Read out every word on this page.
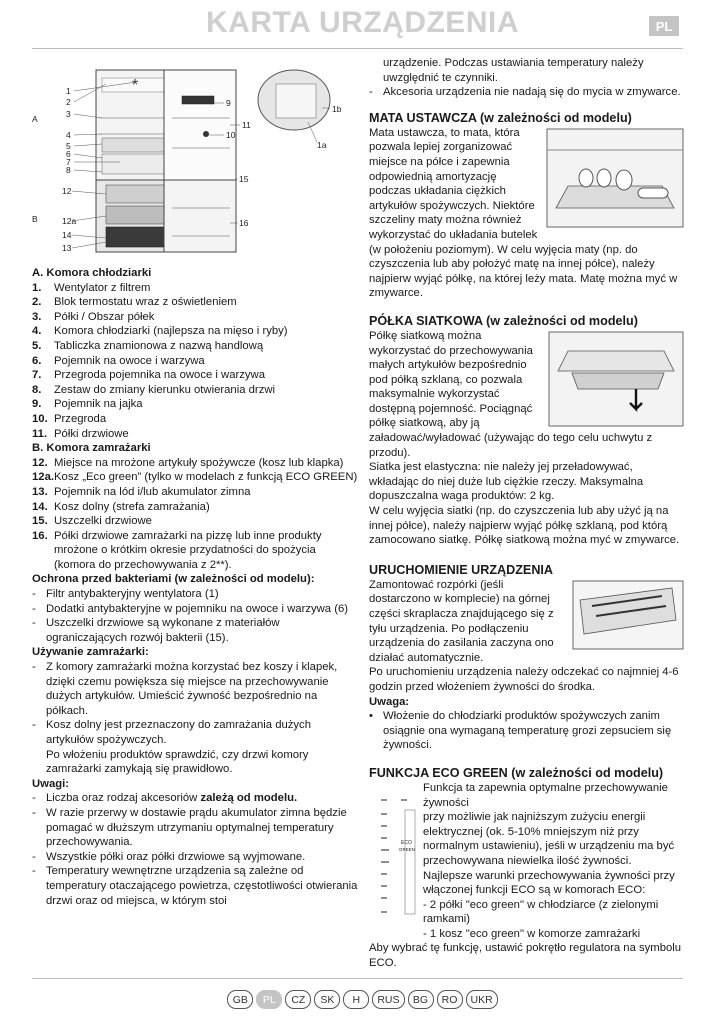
KARTA URZĄDZENIA	PL
*
A
B
1
2
3
4
5
6
7
8
12
12a
14
13
9
10
11
15
16
1b
1a

A. Komora chłodziarki

1.	Wentylator z filtrem
2.	Blok termostatu wraz z oświetleniem
3.	Półki / Obszar półek
4.	Komora chłodziarki (najlepsza na mięso i ryby)
5.	Tabliczka znamionowa z nazwą handlową
6.	Pojemnik na owoce i warzywa
7.	Przegroda pojemnika na owoce i warzywa
8.	Zestaw do zmiany kierunku otwierania drzwi
9.	Pojemnik na jajka
10. Przegroda
11. Półki drzwiowe

B. Komora zamrażarki

12. Miejsce na mrożone artykuły spożywcze (kosz lub klapka)
12a. Kosz „Eco green” (tylko w modelach z funkcją ECO GREEN)
13. Pojemnik na lód i/lub akumulator zimna
14. Kosz dolny (strefa zamrażania)
15. Uszczelki drzwiowe
16. Półki drzwiowe zamrażarki na pizzę lub inne produkty mrożone o krótkim okresie przydatności do spożycia (komora do przechowywania z 2**).

Ochrona przed bakteriami (w zależności od modelu):

- Filtr antybakteryjny wentylatora (1)
- Dodatki antybakteryjne w pojemniku na owoce i warzywa (6)
- Uszczelki drzwiowe są wykonane z materiałów ograniczających rozwój bakterii (15).

Używanie zamrażarki:

- Z komory zamrażarki można korzystać bez koszy i klapek, dzięki czemu powiększa się miejsce na przechowywanie dużych artykułów. Umieścić żywność bezpośrednio na półkach.
- Kosz dolny jest przeznaczony do zamrażania dużych artykułów spożywczych.
Po włożeniu produktów sprawdzić, czy drzwi komory zamrażarki zamykają się prawidłowo.

Uwagi:

- Liczba oraz rodzaj akcesoriów zależą od modelu.
- W razie przerwy w dostawie prądu akumulator zimna będzie pomagać w dłuższym utrzymaniu optymalnej temperatury przechowywania.
- Wszystkie półki oraz półki drzwiowe są wyjmowane.
- Temperatury wewnętrzne urządzenia są zależne od temperatury otaczającego powietrza, częstotliwości otwierania drzwi oraz od miejsca, w którym stoi
urządzenie. Podczas ustawiania temperatury należy uwzględnić te czynniki.
- Akcesoria urządzenia nie nadają się do mycia w zmywarce.

MATA USTAWCZA (w zależności od modelu)

Mata ustawcza, to mata, która pozwala lepiej zorganizować miejsce na półce i zapewnia odpowiednią amortyzację podczas układania ciężkich artykułów spożywczych. Niektóre szczeliny maty można również wykorzystać do układania butelek (w położeniu poziomym). W celu wyjęcia maty (np. do czyszczenia lub aby położyć matę na innej półce), należy najpierw wyjąć półkę, na której leży mata. Matę można myć w zmywarce.

PÓŁKA SIATKOWA (w zależności od modelu)

Półkę siatkową można wykorzystać do przechowywania małych artykułów bezpośrednio pod półką szklaną, co pozwala maksymalnie wykorzystać dostępną pojemność. Pociągnąć półkę siatkową, aby ją załadować/wyładować (używając do tego celu uchwytu z przodu).

Siatka jest elastyczna: nie należy jej przeładowywać, wkładając do niej duże lub ciężkie rzeczy. Maksymalna dopuszczalna waga produktów: 2 kg.

W celu wyjęcia siatki (np. do czyszczenia lub aby użyć ją na innej półce), należy najpierw wyjąć półkę szklaną, pod którą zamocowano siatkę. Półkę siatkową można myć w zmywarce.

URUCHOMIENIE URZĄDZENIA

Zamontować rozpórki (jeśli dostarczono w komplecie) na górnej części skraplacza znajdującego się z tyłu urządzenia. Po podłączeniu urządzenia do zasilania zaczyna ono działać automatycznie.

Po uruchomieniu urządzenia należy odczekać co najmniej 4-6 godzin przed włożeniem żywności do środka.

Uwaga:

• Włożenie do chłodziarki produktów spożywczych zanim osiągnie ona wymaganą temperaturę grozi zepsuciem się żywności.

FUNKCJA ECO GREEN (w zależności od modelu)

Funkcja ta zapewnia optymalne przechowywanie żywności

przy możliwie jak najniższym zużyciu energii elektrycznej (ok. 5-10% mniejszym niż przy normalnym ustawieniu), jeśli w urządzeniu ma być przechowywana niewielka ilość żywności.

Najlepsze warunki przechowywania żywności przy włączonej funkcji ECO są w komorach ECO:

- 2 półki "eco green" w chłodziarce (z zielonymi ramkami)

- 1 kosz "eco green" w komorze zamrażarki

Aby wybrać tę funkcję, ustawić pokrętło regulatora na symbolu ECO.

ECO
GREEN
GB	PL	CZ	SK	H	RUS	BG	RO	UKR
